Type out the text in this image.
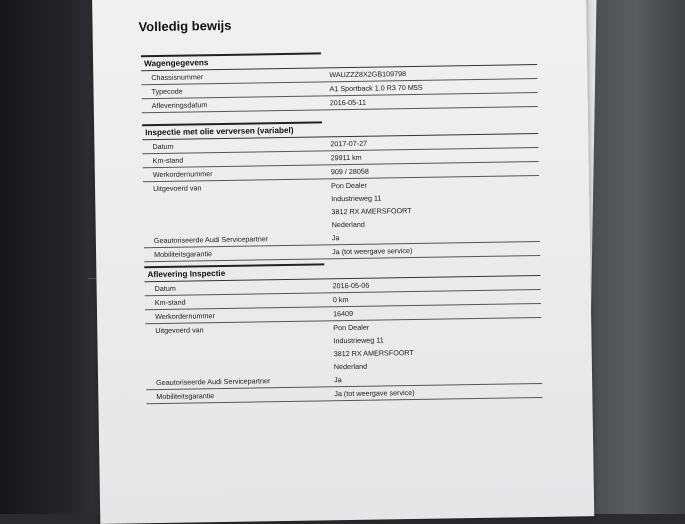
Volledig bewijs
Wagengegevens
Chassisnummer	WAUZZZ8X2GB109798
Typecode	A1 Sportback 1.0 R3 70 M5S
Afleveringsdatum	2016-05-11
Inspectie met olie verversen (variabel)
Datum	2017-07-27
Km-stand	29911 km
Werkordernummer	909 / 28058
Uitgevoerd van	Pon Dealer
Industrieweg 11
3812 RX AMERSFOORT
Nederland
Geautoriseerde Audi Servicepartner	Ja
Mobiliteitsgarantie	Ja (tot weergave service)
Aflevering Inspectie
Datum	2016-05-06
Km-stand	0 km
Werkordernummer	16409
Uitgevoerd van	Pon Dealer
Industrieweg 11
3812 RX AMERSFOORT
Nederland
Geautoriseerde Audi Servicepartner	Ja
Mobiliteitsgarantie	Ja (tot weergave service)
